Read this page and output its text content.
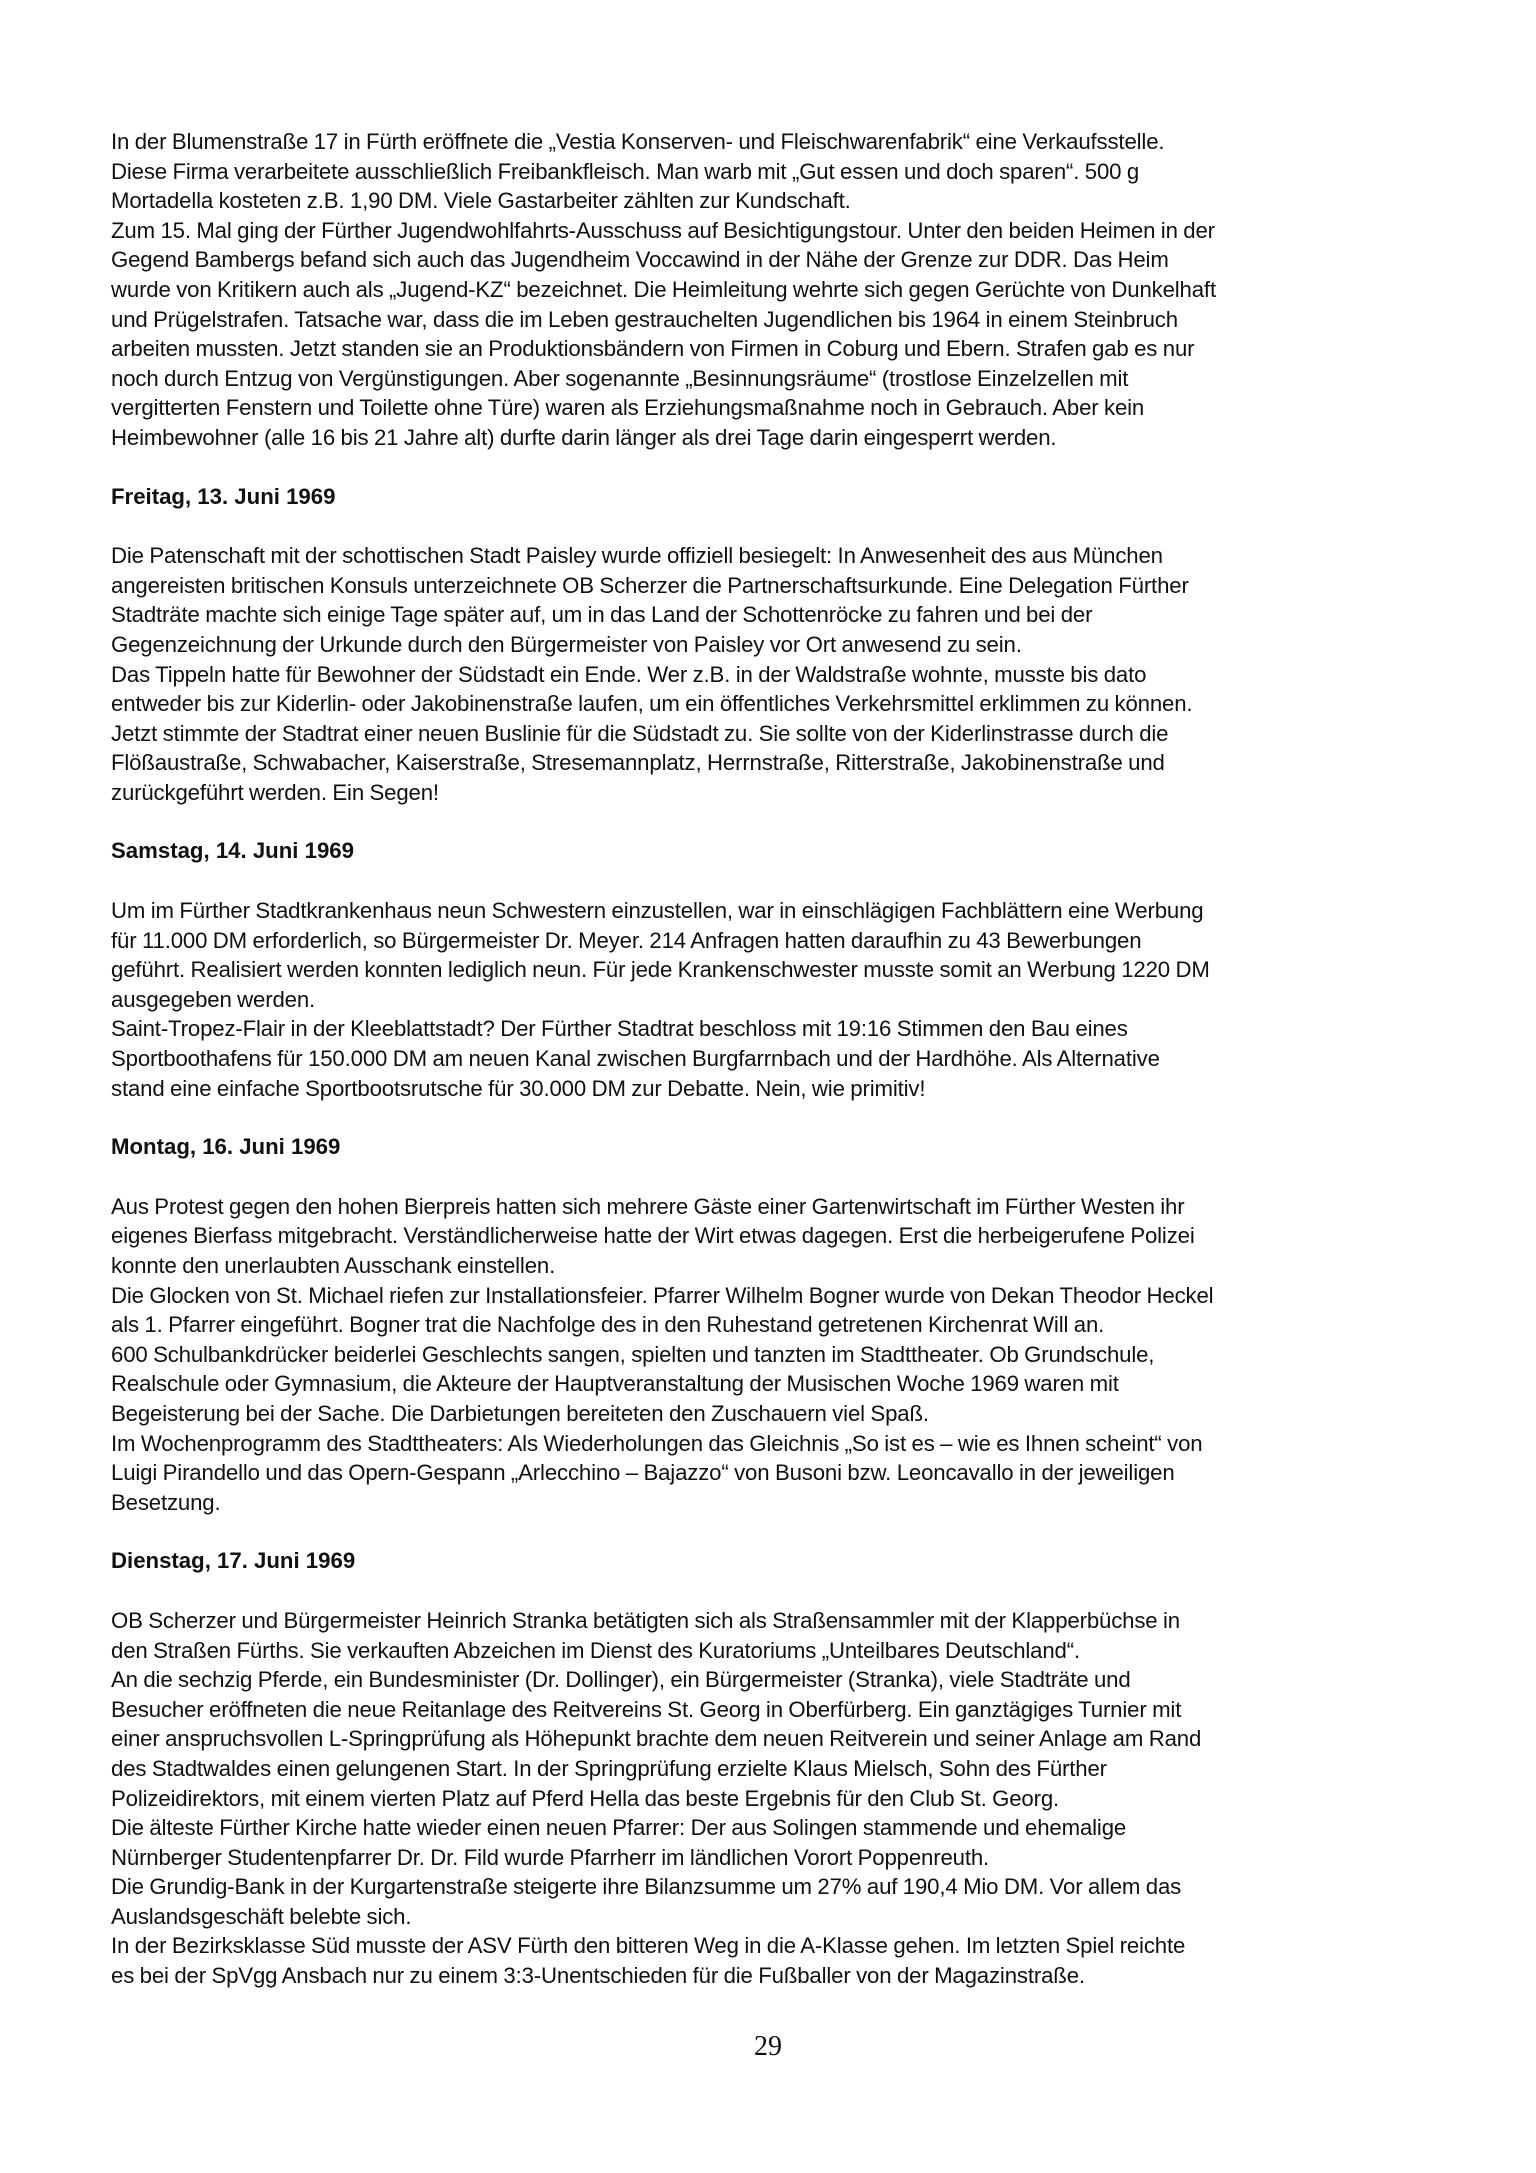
In der Blumenstraße 17 in Fürth eröffnete die „Vestia Konserven- und Fleischwarenfabrik“ eine Verkaufsstelle.
Diese Firma verarbeitete ausschließlich Freibankfleisch. Man warb mit „Gut essen und doch sparen“. 500 g
Mortadella kosteten z.B. 1,90 DM. Viele Gastarbeiter zählten zur Kundschaft.

Zum 15. Mal ging der Fürther Jugendwohlfahrts-Ausschuss auf Besichtigungstour. Unter den beiden Heimen in der
Gegend Bambergs befand sich auch das Jugendheim Voccawind in der Nähe der Grenze zur DDR. Das Heim
wurde von Kritikern auch als „Jugend-KZ“ bezeichnet. Die Heimleitung wehrte sich gegen Gerüchte von Dunkelhaft
und Prügelstrafen. Tatsache war, dass die im Leben gestrauchelten Jugendlichen bis 1964 in einem Steinbruch
arbeiten mussten. Jetzt standen sie an Produktionsbändern von Firmen in Coburg und Ebern. Strafen gab es nur
noch durch Entzug von Vergünstigungen. Aber sogenannte „Besinnungsräume“ (trostlose Einzelzellen mit
vergitterten Fenstern und Toilette ohne Türe) waren als Erziehungsmaßnahme noch in Gebrauch. Aber kein
Heimbewohner (alle 16 bis 21 Jahre alt) durfte darin länger als drei Tage darin eingesperrt werden.

Freitag, 13. Juni 1969

Die Patenschaft mit der schottischen Stadt Paisley wurde offiziell besiegelt: In Anwesenheit des aus München
angereisten britischen Konsuls unterzeichnete OB Scherzer die Partnerschaftsurkunde. Eine Delegation Fürther
Stadträte machte sich einige Tage später auf, um in das Land der Schottenröcke zu fahren und bei der
Gegenzeichnung der Urkunde durch den Bürgermeister von Paisley vor Ort anwesend zu sein.

Das Tippeln hatte für Bewohner der Südstadt ein Ende. Wer z.B. in der Waldstraße wohnte, musste bis dato
entweder bis zur Kiderlin- oder Jakobinenstraße laufen, um ein öffentliches Verkehrsmittel erklimmen zu können.
Jetzt stimmte der Stadtrat einer neuen Buslinie für die Südstadt zu. Sie sollte von der Kiderlinstrasse durch die
Flößaustraße, Schwabacher, Kaiserstraße, Stresemannplatz, Herrnstraße, Ritterstraße, Jakobinenstraße und
zurückgeführt werden. Ein Segen!

Samstag, 14. Juni 1969

Um im Fürther Stadtkrankenhaus neun Schwestern einzustellen, war in einschlägigen Fachblättern eine Werbung
für 11.000 DM erforderlich, so Bürgermeister Dr. Meyer. 214 Anfragen hatten daraufhin zu 43 Bewerbungen
geführt. Realisiert werden konnten lediglich neun. Für jede Krankenschwester musste somit an Werbung 1220 DM
ausgegeben werden.

Saint-Tropez-Flair in der Kleeblattstadt? Der Fürther Stadtrat beschloss mit 19:16 Stimmen den Bau eines
Sportboothafens für 150.000 DM am neuen Kanal zwischen Burgfarrnbach und der Hardhöhe. Als Alternative
stand eine einfache Sportbootsrutsche für 30.000 DM zur Debatte. Nein, wie primitiv!

Montag, 16. Juni 1969

Aus Protest gegen den hohen Bierpreis hatten sich mehrere Gäste einer Gartenwirtschaft im Fürther Westen ihr
eigenes Bierfass mitgebracht. Verständlicherweise hatte der Wirt etwas dagegen. Erst die herbeigerufene Polizei
konnte den unerlaubten Ausschank einstellen.

Die Glocken von St. Michael riefen zur Installationsfeier. Pfarrer Wilhelm Bogner wurde von Dekan Theodor Heckel
als 1. Pfarrer eingeführt. Bogner trat die Nachfolge des in den Ruhestand getretenen Kirchenrat Will an.

600 Schulbankdrücker beiderlei Geschlechts sangen, spielten und tanzten im Stadttheater. Ob Grundschule,
Realschule oder Gymnasium, die Akteure der Hauptveranstaltung der Musischen Woche 1969 waren mit
Begeisterung bei der Sache. Die Darbietungen bereiteten den Zuschauern viel Spaß.

Im Wochenprogramm des Stadttheaters: Als Wiederholungen das Gleichnis „So ist es – wie es Ihnen scheint“ von
Luigi Pirandello und das Opern-Gespann „Arlecchino – Bajazzo“ von Busoni bzw. Leoncavallo in der jeweiligen
Besetzung.

Dienstag, 17. Juni 1969

OB Scherzer und Bürgermeister Heinrich Stranka betätigten sich als Straßensammler mit der Klapperbüchse in
den Straßen Fürths. Sie verkauften Abzeichen im Dienst des Kuratoriums „Unteilbares Deutschland“.

An die sechzig Pferde, ein Bundesminister (Dr. Dollinger), ein Bürgermeister (Stranka), viele Stadträte und
Besucher eröffneten die neue Reitanlage des Reitvereins St. Georg in Oberfürberg. Ein ganztägiges Turnier mit
einer anspruchsvollen L-Springprüfung als Höhepunkt brachte dem neuen Reitverein und seiner Anlage am Rand
des Stadtwaldes einen gelungenen Start. In der Springprüfung erzielte Klaus Mielsch, Sohn des Fürther
Polizeidirektors, mit einem vierten Platz auf Pferd Hella das beste Ergebnis für den Club St. Georg.

Die älteste Fürther Kirche hatte wieder einen neuen Pfarrer: Der aus Solingen stammende und ehemalige
Nürnberger Studentenpfarrer Dr. Dr. Fild wurde Pfarrherr im ländlichen Vorort Poppenreuth.

Die Grundig-Bank in der Kurgartenstraße steigerte ihre Bilanzsumme um 27% auf 190,4 Mio DM. Vor allem das
Auslandsgeschäft belebte sich.

In der Bezirksklasse Süd musste der ASV Fürth den bitteren Weg in die A-Klasse gehen. Im letzten Spiel reichte
es bei der SpVgg Ansbach nur zu einem 3:3-Unentschieden für die Fußballer von der Magazinstraße.

29
